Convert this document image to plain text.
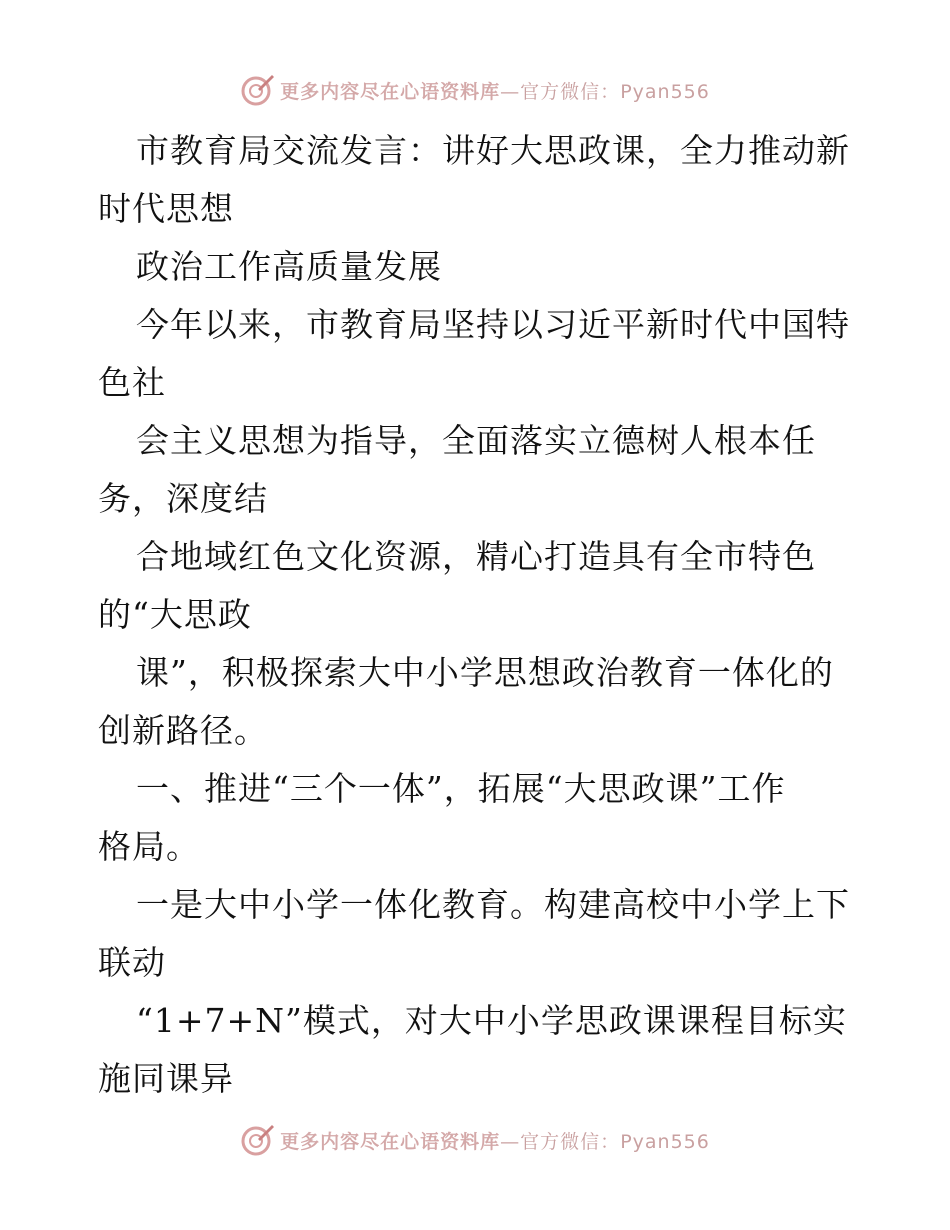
更多内容尽在心语资料库—官方微信：Pyan556
市教育局交流发言：讲好大思政课，全力推动新
时代思想
政治工作高质量发展
今年以来，市教育局坚持以习近平新时代中国特
色社
会主义思想为指导，全面落实立德树人根本任
务，深度结
合地域红色文化资源，精心打造具有全市特色
的“大思政
课”，积极探索大中小学思想政治教育一体化的
创新路径。
一、推进“三个一体”，拓展“大思政课”工作
格局。
一是大中小学一体化教育。构建高校中小学上下
联动
“1+7+N”模式，对大中小学思政课课程目标实
施同课异
更多内容尽在心语资料库—官方微信：Pyan556
